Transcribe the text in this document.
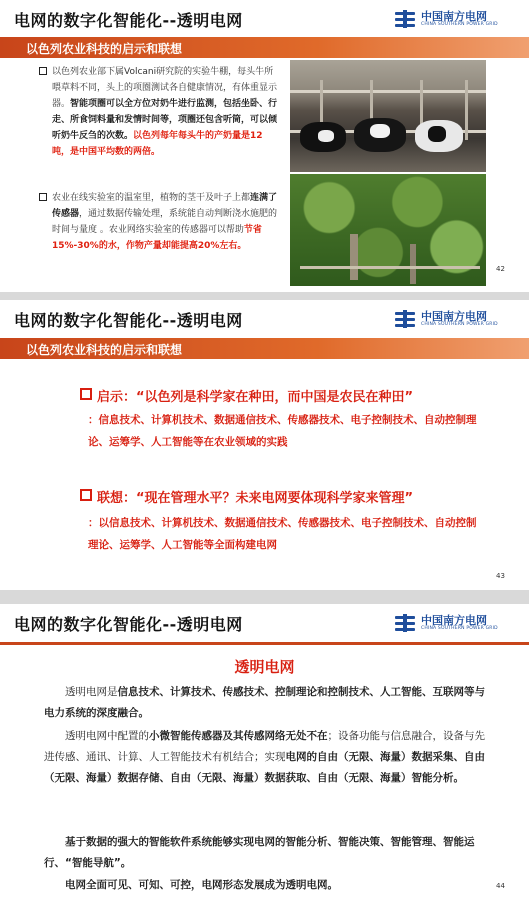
电网的数字化智能化--透明电网	中国南方电网
CHINA SOUTHERN POWER GRID
以色列农业科技的启示和联想
以色列农业部下属Volcani研究院的实验牛棚，每头牛所喂草料不同，头上的项圈测试各自健康情况，有体重显示器。智能项圈可以全方位对奶牛进行监测，包括坐卧、行走、所食饲料量和发情时间等，项圈还包含听筒，可以倾听奶牛反刍的次数。以色列每年每头牛的产奶量是12吨，是中国平均数的两倍。
农业在线实验室的温室里，植物的茎干及叶子上都连满了传感器，通过数据传输处理，系统能自动判断浇水施肥的时间与量度 。农业网络实验室的传感器可以帮助节省15%-30%的水，作物产量却能提高20%左右。
42
电网的数字化智能化--透明电网	中国南方电网
CHINA SOUTHERN POWER GRID
以色列农业科技的启示和联想
启示：“以色列是科学家在种田，而中国是农民在种田”
：信息技术、计算机技术、数据通信技术、传感器技术、电子控制技术、自动控制理论、运筹学、人工智能等在农业领域的实践
联想：“现在管理水平？未来电网要体现科学家来管理”
：以信息技术、计算机技术、数据通信技术、传感器技术、电子控制技术、自动控制理论、运筹学、人工智能等全面构建电网
43
电网的数字化智能化--透明电网	中国南方电网
CHINA SOUTHERN POWER GRID
透明电网
透明电网是信息技术、计算技术、传感技术、控制理论和控制技术、人工智能、互联网等与电力系统的深度融合。
透明电网中配置的小微智能传感器及其传感网络无处不在；设备功能与信息融合，设备与先进传感、通讯、计算、人工智能技术有机结合；实现电网的自由（无限、海量）数据采集、自由（无限、海量）数据存储、自由（无限、海量）数据获取、自由（无限、海量）智能分析。
基于数据的强大的智能软件系统能够实现电网的智能分析、智能决策、智能管理、智能运行、“智能导航”。
电网全面可见、可知、可控，电网形态发展成为透明电网。	44
